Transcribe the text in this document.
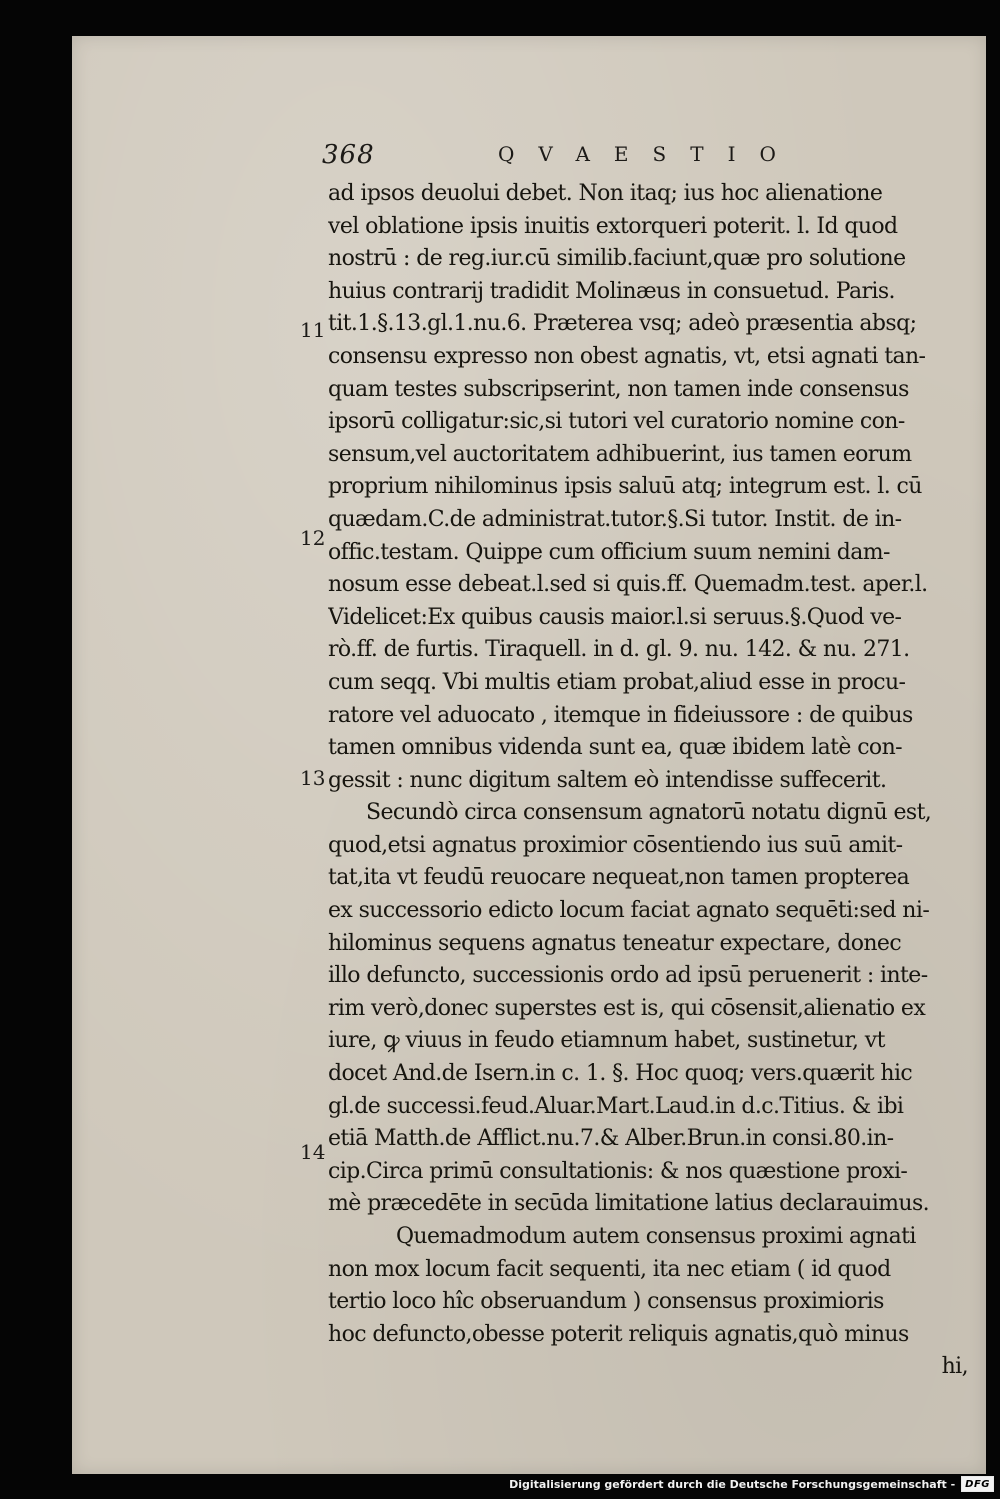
368	QVAESTIO
11
12
13
14
ad ipsos deuolui debet. Non itaq; ius hoc alienatione
vel oblatione ipsis inuitis extorqueri poterit. l. Id quod
nostrū : de reg.iur.cū similib.faciunt,quæ pro solutione
huius contrarij tradidit Molinæus in consuetud. Paris.
tit.1.§.13.gl.1.nu.6. Præterea vsq; adeò præsentia absq;
consensu expresso non obest agnatis, vt, etsi agnati tan-
quam testes subscripserint, non tamen inde consensus
ipsorū colligatur:sic,si tutori vel curatorio nomine con-
sensum,vel auctoritatem adhibuerint, ius tamen eorum
proprium nihilominus ipsis saluū atq; integrum est. l. cū
quædam.C.de administrat.tutor.§.Si tutor. Instit. de in-
offic.testam. Quippe cum officium suum nemini dam-
nosum esse debeat.l.sed si quis.ff. Quemadm.test. aper.l.
Videlicet:Ex quibus causis maior.l.si seruus.§.Quod ve-
rò.ff. de furtis. Tiraquell. in d. gl. 9. nu. 142. & nu. 271.
cum seqq. Vbi multis etiam probat,aliud esse in procu-
ratore vel aduocato , itemque in fideiussore : de quibus
tamen omnibus videnda sunt ea, quæ ibidem latè con-
gessit : nunc digitum saltem eò intendisse suffecerit.
Secundò circa consensum agnatorū notatu dignū est,
quod,etsi agnatus proximior cōsentiendo ius suū amit-
tat,ita vt feudū reuocare nequeat,non tamen propterea
ex successorio edicto locum faciat agnato sequēti:sed ni-
hilominus sequens agnatus teneatur expectare, donec
illo defuncto, successionis ordo ad ipsū peruenerit : inte-
rim verò,donec superstes est is, qui cōsensit,alienatio ex
iure, ꝙ viuus in feudo etiamnum habet, sustinetur, vt
docet And.de Isern.in c. 1. §. Hoc quoq; vers.quærit hic
gl.de successi.feud.Aluar.Mart.Laud.in d.c.Titius. & ibi
etiā Matth.de Afflict.nu.7.& Alber.Brun.in consi.80.in-
cip.Circa primū consultationis: & nos quæstione proxi-
mè præcedēte in secūda limitatione latius declarauimus.
Quemadmodum autem consensus proximi agnati
non mox locum facit sequenti, ita nec etiam ( id quod
tertio loco hîc obseruandum ) consensus proximioris
hoc defuncto,obesse poterit reliquis agnatis,quò minus
hi,
Digitalisierung gefördert durch die Deutsche Forschungsgemeinschaft -	DFG
